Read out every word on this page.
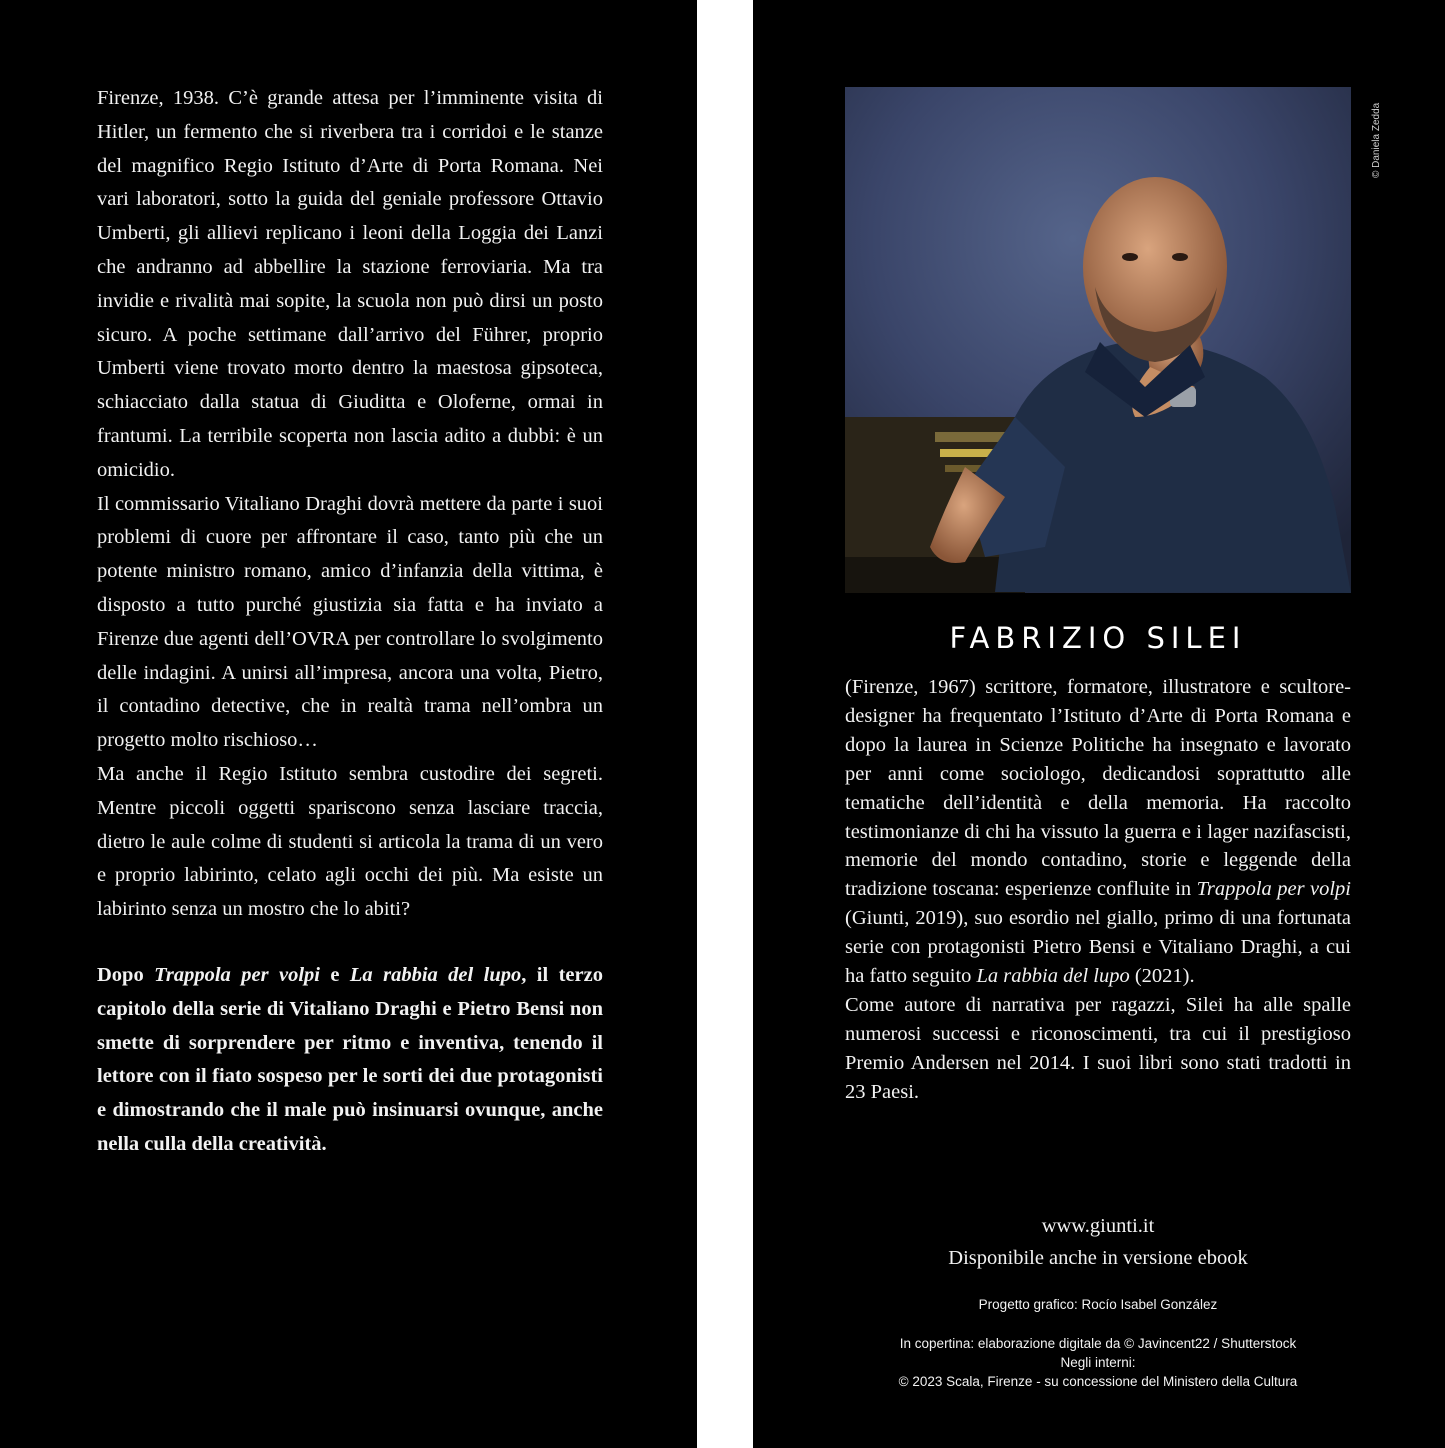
Firenze, 1938. C’è grande attesa per l’imminente visita di Hitler, un fermento che si riverbera tra i corridoi e le stanze del magnifico Regio Istituto d’Arte di Porta Romana. Nei vari laboratori, sotto la guida del geniale professore Ottavio Umberti, gli allievi replicano i leoni della Loggia dei Lanzi che andranno ad abbellire la stazione ferroviaria. Ma tra invidie e rivalità mai sopite, la scuola non può dirsi un posto sicuro. A poche settimane dall’arrivo del Führer, proprio Umberti viene trovato morto dentro la maestosa gipsoteca, schiacciato dalla statua di Giuditta e Oloferne, ormai in frantumi. La terribile scoperta non lascia adito a dubbi: è un omicidio.

Il commissario Vitaliano Draghi dovrà mettere da parte i suoi problemi di cuore per affrontare il caso, tanto più che un potente ministro romano, amico d’infanzia della vittima, è disposto a tutto purché giustizia sia fatta e ha inviato a Firenze due agenti dell’OVRA per controllare lo svolgimento delle indagini. A unirsi all’impresa, ancora una volta, Pietro, il contadino detective, che in realtà trama nell’ombra un progetto molto rischioso…

Ma anche il Regio Istituto sembra custodire dei segreti. Mentre piccoli oggetti spariscono senza lasciare traccia, dietro le aule colme di studenti si articola la trama di un vero e proprio labirinto, celato agli occhi dei più. Ma esiste un labirinto senza un mostro che lo abiti?

Dopo Trappola per volpi e La rabbia del lupo, il terzo capitolo della serie di Vitaliano Draghi e Pietro Bensi non smette di sorprendere per ritmo e inventiva, tenendo il lettore con il fiato sospeso per le sorti dei due protagonisti e dimostrando che il male può insinuarsi ovunque, anche nella culla della creatività.

© Daniela Zedda
FABRIZIO SILEI

(Firenze, 1967) scrittore, formatore, illustratore e scultore-designer ha frequentato l’Istituto d’Arte di Porta Romana e dopo la laurea in Scienze Politiche ha insegnato e lavorato per anni come sociologo, dedicandosi soprattutto alle tematiche dell’identità e della memoria. Ha raccolto testimonianze di chi ha vissuto la guerra e i lager nazifascisti, memorie del mondo contadino, storie e leggende della tradizione toscana: esperienze confluite in Trappola per volpi (Giunti, 2019), suo esordio nel giallo, primo di una fortunata serie con protagonisti Pietro Bensi e Vitaliano Draghi, a cui ha fatto seguito La rabbia del lupo (2021).

Come autore di narrativa per ragazzi, Silei ha alle spalle numerosi successi e riconoscimenti, tra cui il prestigioso Premio Andersen nel 2014. I suoi libri sono stati tradotti in 23 Paesi.

www.giunti.it
Disponibile anche in versione ebook
Progetto grafico: Rocío Isabel González
In copertina: elaborazione digitale da © Javincent22 / Shutterstock
Negli interni:
© 2023 Scala, Firenze - su concessione del Ministero della Cultura
